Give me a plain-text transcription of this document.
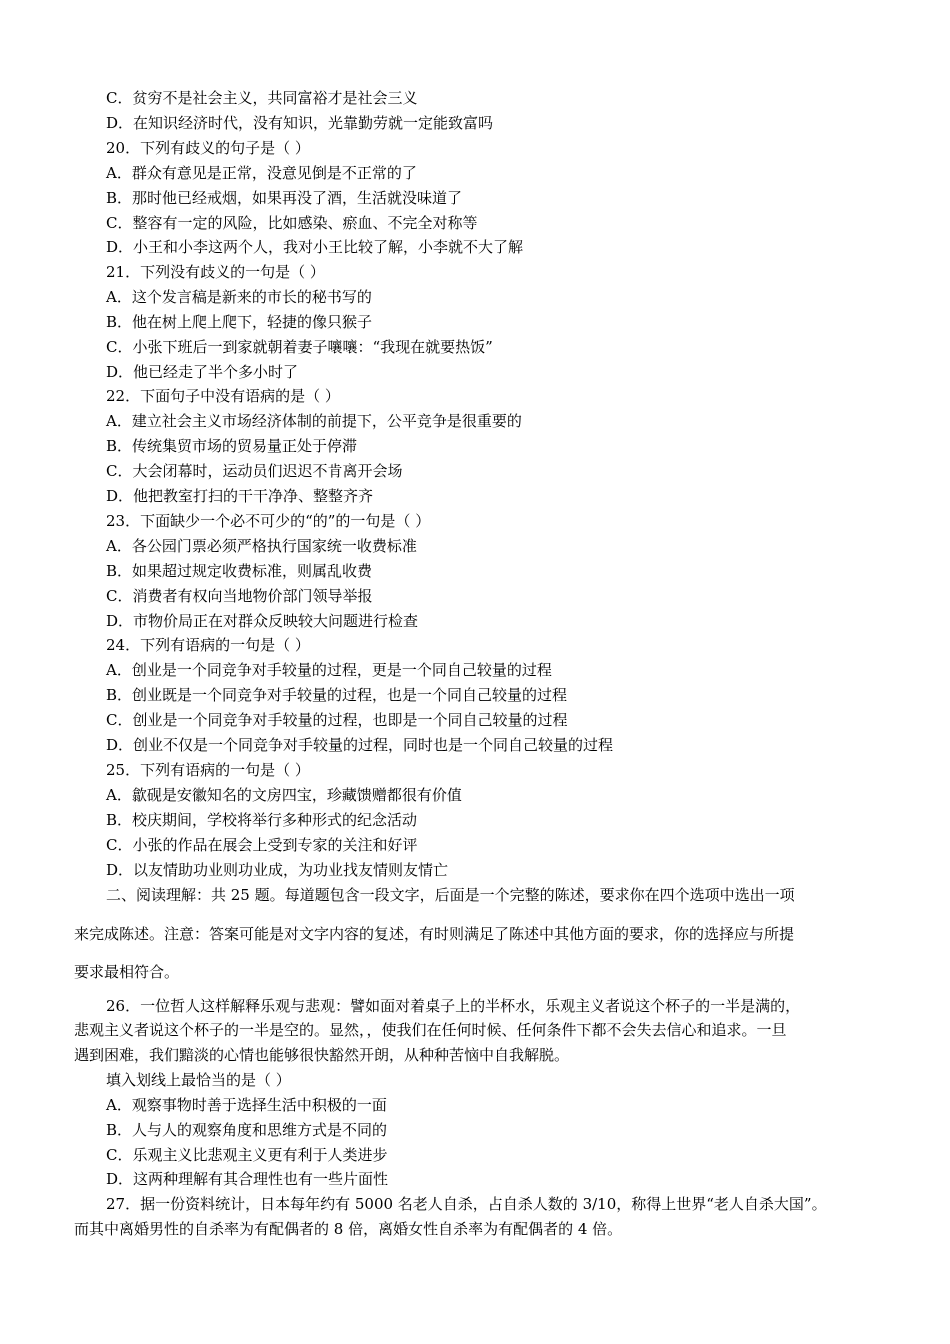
C．贫穷不是社会主义，共同富裕才是社会三义
D．在知识经济时代，没有知识，光靠勤劳就一定能致富吗
20．下列有歧义的句子是（ ）
A．群众有意见是正常，没意见倒是不正常的了
B．那时他已经戒烟，如果再没了酒，生活就没味道了
C．整容有一定的风险，比如感染、瘀血、不完全对称等
D．小王和小李这两个人，我对小王比较了解，小李就不大了解
21．下列没有歧义的一句是（ ）
A．这个发言稿是新来的市长的秘书写的
B．他在树上爬上爬下，轻捷的像只猴子
C．小张下班后一到家就朝着妻子嚷嚷：“我现在就要热饭”
D．他已经走了半个多小时了
22．下面句子中没有语病的是（ ）
A．建立社会主义市场经济体制的前提下，公平竞争是很重要的
B．传统集贸市场的贸易量正处于停滞
C．大会闭幕时，运动员们迟迟不肯离开会场
D．他把教室打扫的干干净净、整整齐齐
23．下面缺少一个必不可少的“的”的一句是（ ）
A．各公园门票必须严格执行国家统一收费标准
B．如果超过规定收费标准，则属乱收费
C．消费者有权向当地物价部门领导举报
D．市物价局正在对群众反映较大问题进行检查
24．下列有语病的一句是（ ）
A．创业是一个同竞争对手较量的过程，更是一个同自己较量的过程
B．创业既是一个同竞争对手较量的过程，也是一个同自己较量的过程
C．创业是一个同竞争对手较量的过程，也即是一个同自己较量的过程
D．创业不仅是一个同竞争对手较量的过程，同时也是一个同自己较量的过程
25．下列有语病的一句是（ ）
A．歙砚是安徽知名的文房四宝，珍藏馈赠都很有价值
B．校庆期间，学校将举行多种形式的纪念活动
C．小张的作品在展会上受到专家的关注和好评
D．以友情助功业则功业成，为功业找友情则友情亡
二、阅读理解：共 25 题。每道题包含一段文字，后面是一个完整的陈述，要求你在四个选项中选出一项
来完成陈述。注意：答案可能是对文字内容的复述，有时则满足了陈述中其他方面的要求，你的选择应与所提
要求最相符合。
26．一位哲人这样解释乐观与悲观：譬如面对着桌子上的半杯水，乐观主义者说这个杯子的一半是满的，
悲观主义者说这个杯子的一半是空的。显然，，使我们在任何时候、任何条件下都不会失去信心和追求。一旦
遇到困难，我们黯淡的心情也能够很快豁然开朗，从种种苦恼中自我解脱。
填入划线上最恰当的是（ ）
A．观察事物时善于选择生活中积极的一面
B．人与人的观察角度和思维方式是不同的
C．乐观主义比悲观主义更有利于人类进步
D．这两种理解有其合理性也有一些片面性
27．据一份资料统计，日本每年约有 5000 名老人自杀，占自杀人数的 3/10，称得上世界“老人自杀大国”。
而其中离婚男性的自杀率为有配偶者的 8 倍，离婚女性自杀率为有配偶者的 4 倍。
